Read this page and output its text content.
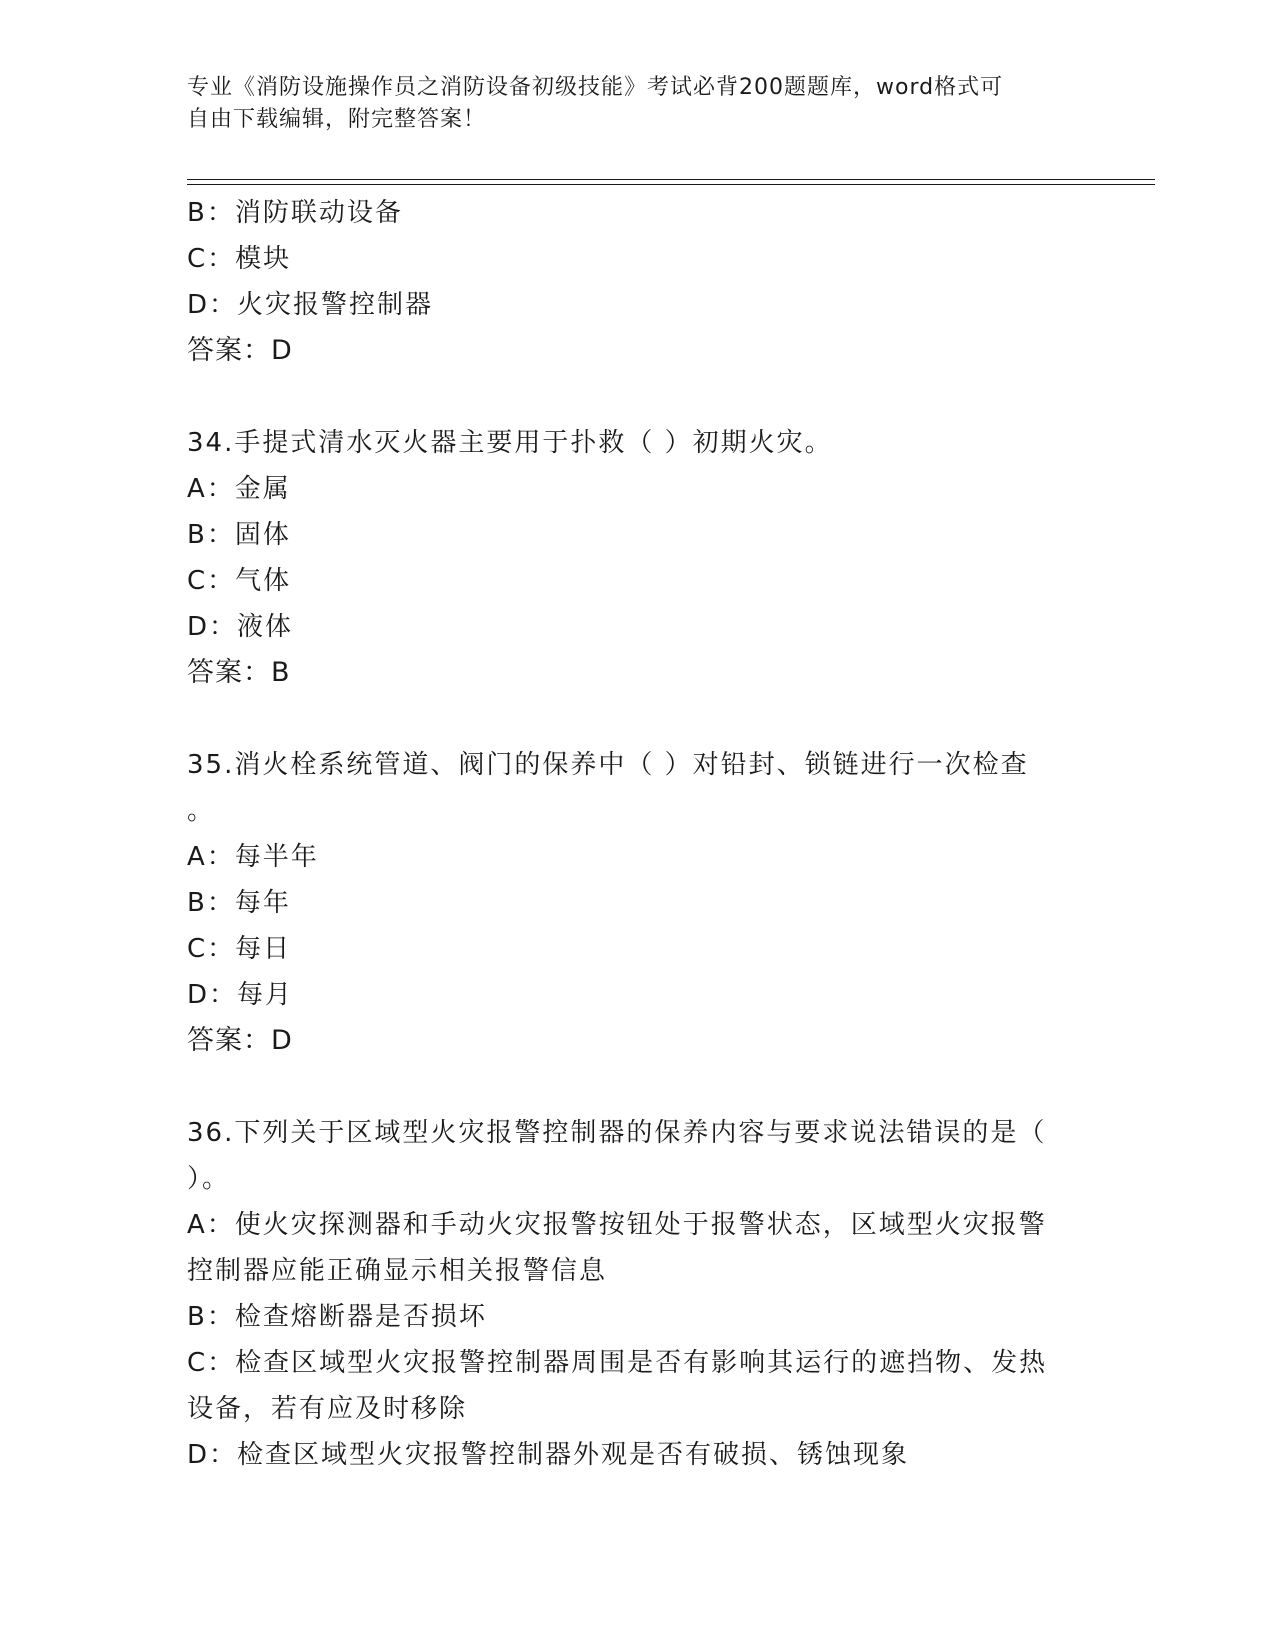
专业《消防设施操作员之消防设备初级技能》考试必背200题题库，word格式可
自由下载编辑，附完整答案！
B：消防联动设备
C：模块
D：火灾报警控制器
答案：D
34.手提式清水灭火器主要用于扑救（ ）初期火灾。
A：金属
B：固体
C：气体
D：液体
答案：B
35.消火栓系统管道、阀门的保养中（ ）对铅封、锁链进行一次检查
。
A：每半年
B：每年
C：每日
D：每月
答案：D
36.下列关于区域型火灾报警控制器的保养内容与要求说法错误的是（
）。
A：使火灾探测器和手动火灾报警按钮处于报警状态，区域型火灾报警
控制器应能正确显示相关报警信息
B：检查熔断器是否损坏
C：检查区域型火灾报警控制器周围是否有影响其运行的遮挡物、发热
设备，若有应及时移除
D：检查区域型火灾报警控制器外观是否有破损、锈蚀现象
